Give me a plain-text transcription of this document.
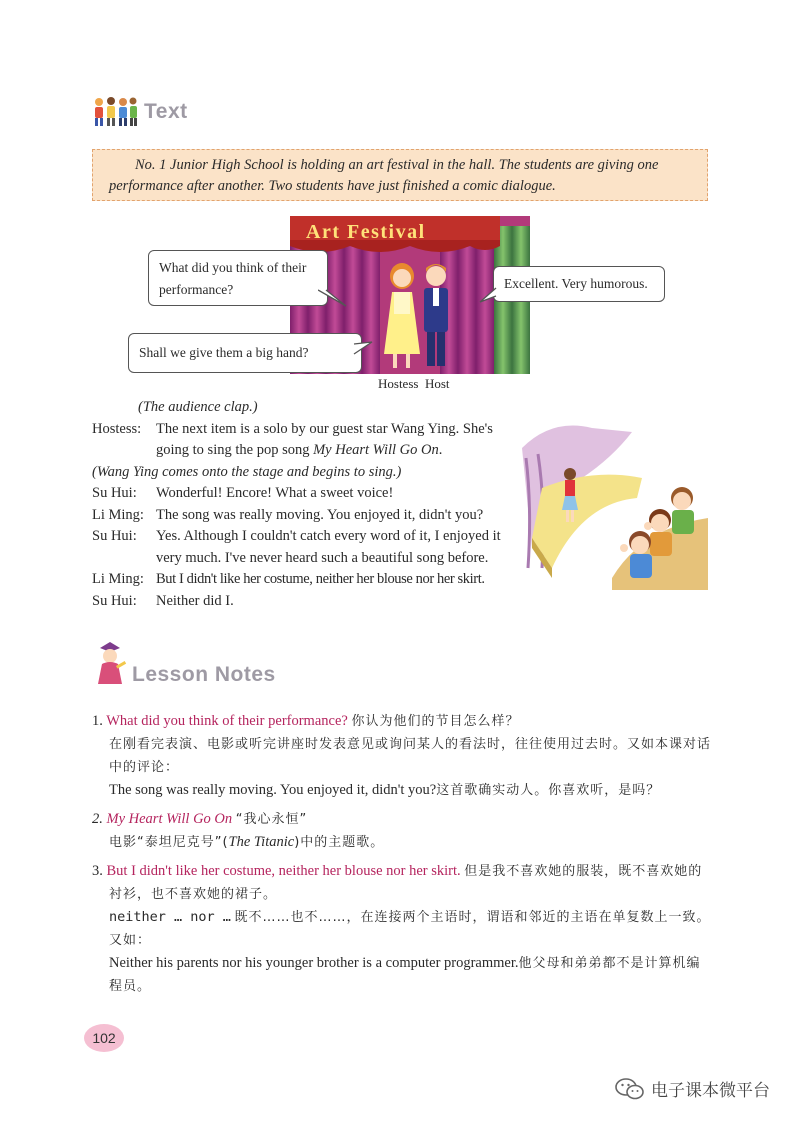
Text

No. 1 Junior High School is holding an art festival in the hall. The students are giving one performance after another. Two students have just finished a comic dialogue.

Art Festival
What did you think of their performance?	Excellent. Very humorous.
Shall we give them a big hand?
Hostess  Host
(The audience clap.)
Hostess:	The next item is a solo by our guest star Wang Ying. She's going to sing the pop song My Heart Will Go On.
(Wang Ying comes onto the stage and begins to sing.)
Su Hui:	Wonderful! Encore! What a sweet voice!
Li Ming: The song was really moving. You enjoyed it, didn't you?
Su Hui:	Yes. Although I couldn't catch every word of it, I enjoyed it very much. I've never heard such a beautiful song before.
Li Ming: But I didn't like her costume, neither her blouse nor her skirt.
Su Hui:	Neither did I.
Lesson Notes
1. What did you think of their performance? 你认为他们的节目怎么样？
在刚看完表演、电影或听完讲座时发表意见或询问某人的看法时，往往使用过去时。又如本课对话中的评论：
The song was really moving. You enjoyed it, didn't you?这首歌确实动人。你喜欢听，是吗？
2. My Heart Will Go On “我心永恒”
电影“泰坦尼克号”(The Titanic)中的主题歌。
3. But I didn't like her costume, neither her blouse nor her skirt. 但是我不喜欢她的服装，既不喜欢她的衬衫，也不喜欢她的裙子。
neither … nor … 既不……也不……，在连接两个主语时，谓语和邻近的主语在单复数上一致。又如：
Neither his parents nor his younger brother is a computer programmer.他父母和弟弟都不是计算机编程员。
102
电子课本微平台
